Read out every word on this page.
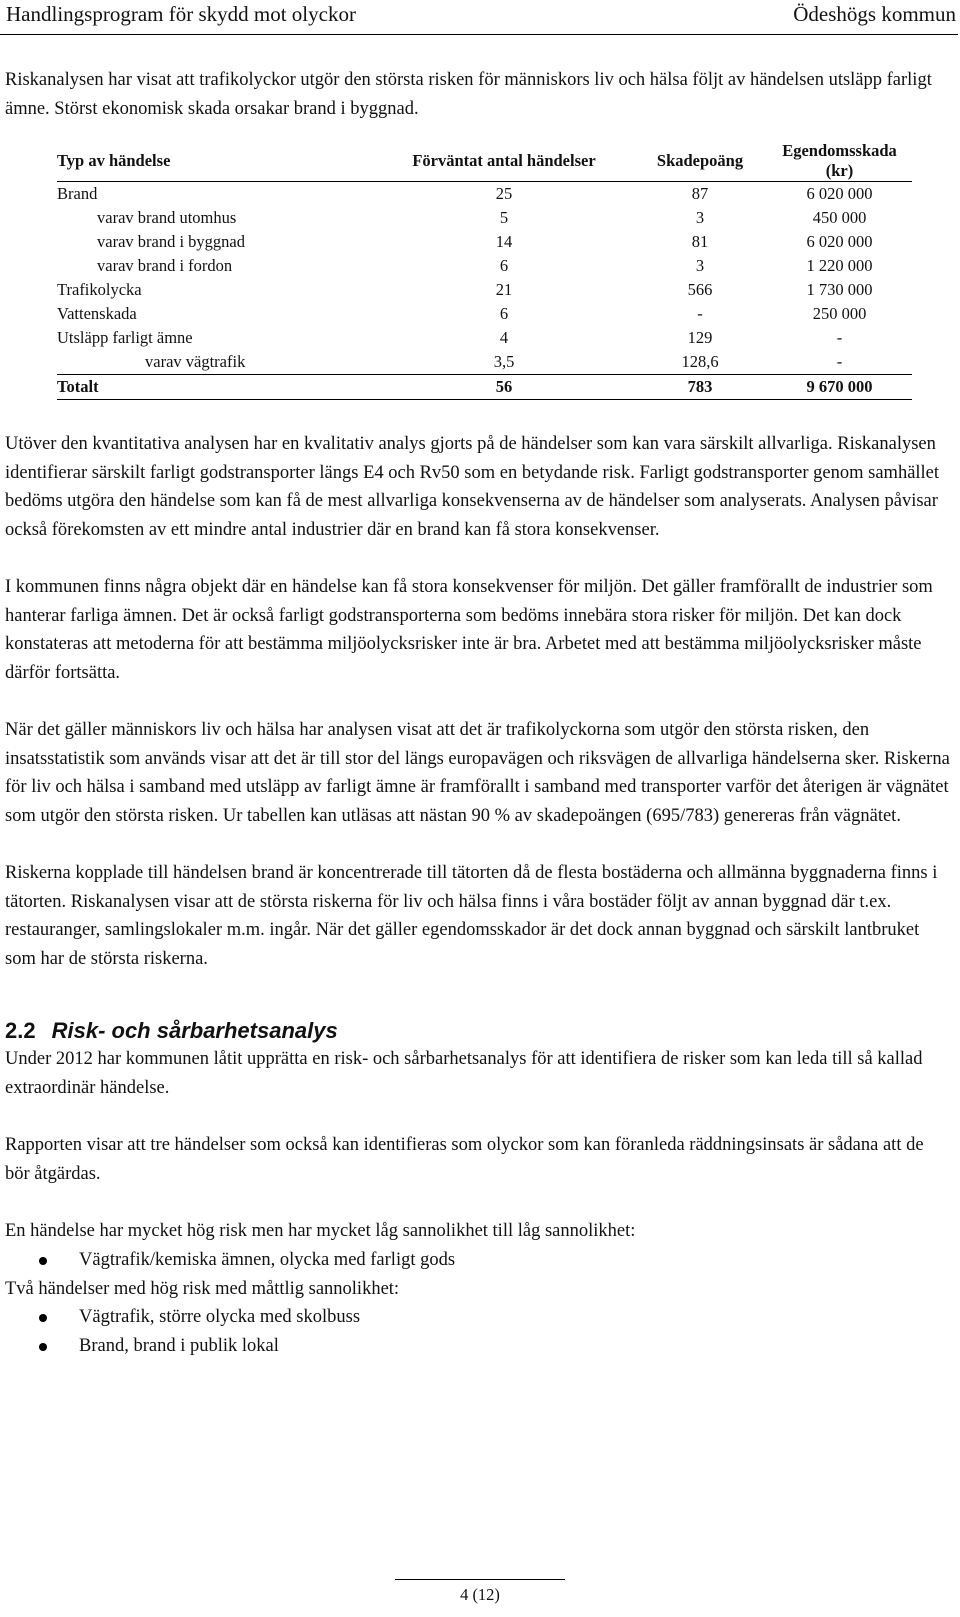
Handlingsprogram för skydd mot olyckor	Ödeshögs kommun

Riskanalysen har visat att trafikolyckor utgör den största risken för människors liv och hälsa följt av händelsen utsläpp farligt ämne. Störst ekonomisk skada orsakar brand i byggnad.

Typ av händelse	Förväntat antal händelser	Skadepoäng	Egendomsskada (kr)
Brand	25	87	6 020 000
varav brand utomhus	5	3	450 000
varav brand i byggnad	14	81	6 020 000
varav brand i fordon	6	3	1 220 000
Trafikolycka	21	566	1 730 000
Vattenskada	6	-	250 000
Utsläpp farligt ämne	4	129	-
varav vägtrafik	3,5	128,6	-
Totalt	56	783	9 670 000

Utöver den kvantitativa analysen har en kvalitativ analys gjorts på de händelser som kan vara särskilt allvarliga. Riskanalysen identifierar särskilt farligt godstransporter längs E4 och Rv50 som en betydande risk. Farligt godstransporter genom samhället bedöms utgöra den händelse som kan få de mest allvarliga konsekvenserna av de händelser som analyserats. Analysen påvisar också förekomsten av ett mindre antal industrier där en brand kan få stora konsekvenser.

I kommunen finns några objekt där en händelse kan få stora konsekvenser för miljön. Det gäller framförallt de industrier som hanterar farliga ämnen. Det är också farligt godstransporterna som bedöms innebära stora risker för miljön. Det kan dock konstateras att metoderna för att bestämma miljöolycksrisker inte är bra. Arbetet med att bestämma miljöolycksrisker måste därför fortsätta.

När det gäller människors liv och hälsa har analysen visat att det är trafikolyckorna som utgör den största risken, den insatsstatistik som används visar att det är till stor del längs europavägen och riksvägen de allvarliga händelserna sker. Riskerna för liv och hälsa i samband med utsläpp av farligt ämne är framförallt i samband med transporter varför det återigen är vägnätet som utgör den största risken. Ur tabellen kan utläsas att nästan 90 % av skadepoängen (695/783) genereras från vägnätet.

Riskerna kopplade till händelsen brand är koncentrerade till tätorten då de flesta bostäderna och allmänna byggnaderna finns i tätorten. Riskanalysen visar att de största riskerna för liv och hälsa finns i våra bostäder följt av annan byggnad där t.ex. restauranger, samlingslokaler m.m. ingår. När det gäller egendomsskador är det dock annan byggnad och särskilt lantbruket som har de största riskerna.

2.2 Risk- och sårbarhetsanalys

Under 2012 har kommunen låtit upprätta en risk- och sårbarhetsanalys för att identifiera de risker som kan leda till så kallad extraordinär händelse.

Rapporten visar att tre händelser som också kan identifieras som olyckor som kan föranleda räddningsinsats är sådana att de bör åtgärdas.

En händelse har mycket hög risk men har mycket låg sannolikhet till låg sannolikhet:

Vägtrafik/kemiska ämnen, olycka med farligt gods

Två händelser med hög risk med måttlig sannolikhet:

Vägtrafik, större olycka med skolbuss
Brand, brand i publik lokal
4 (12)
